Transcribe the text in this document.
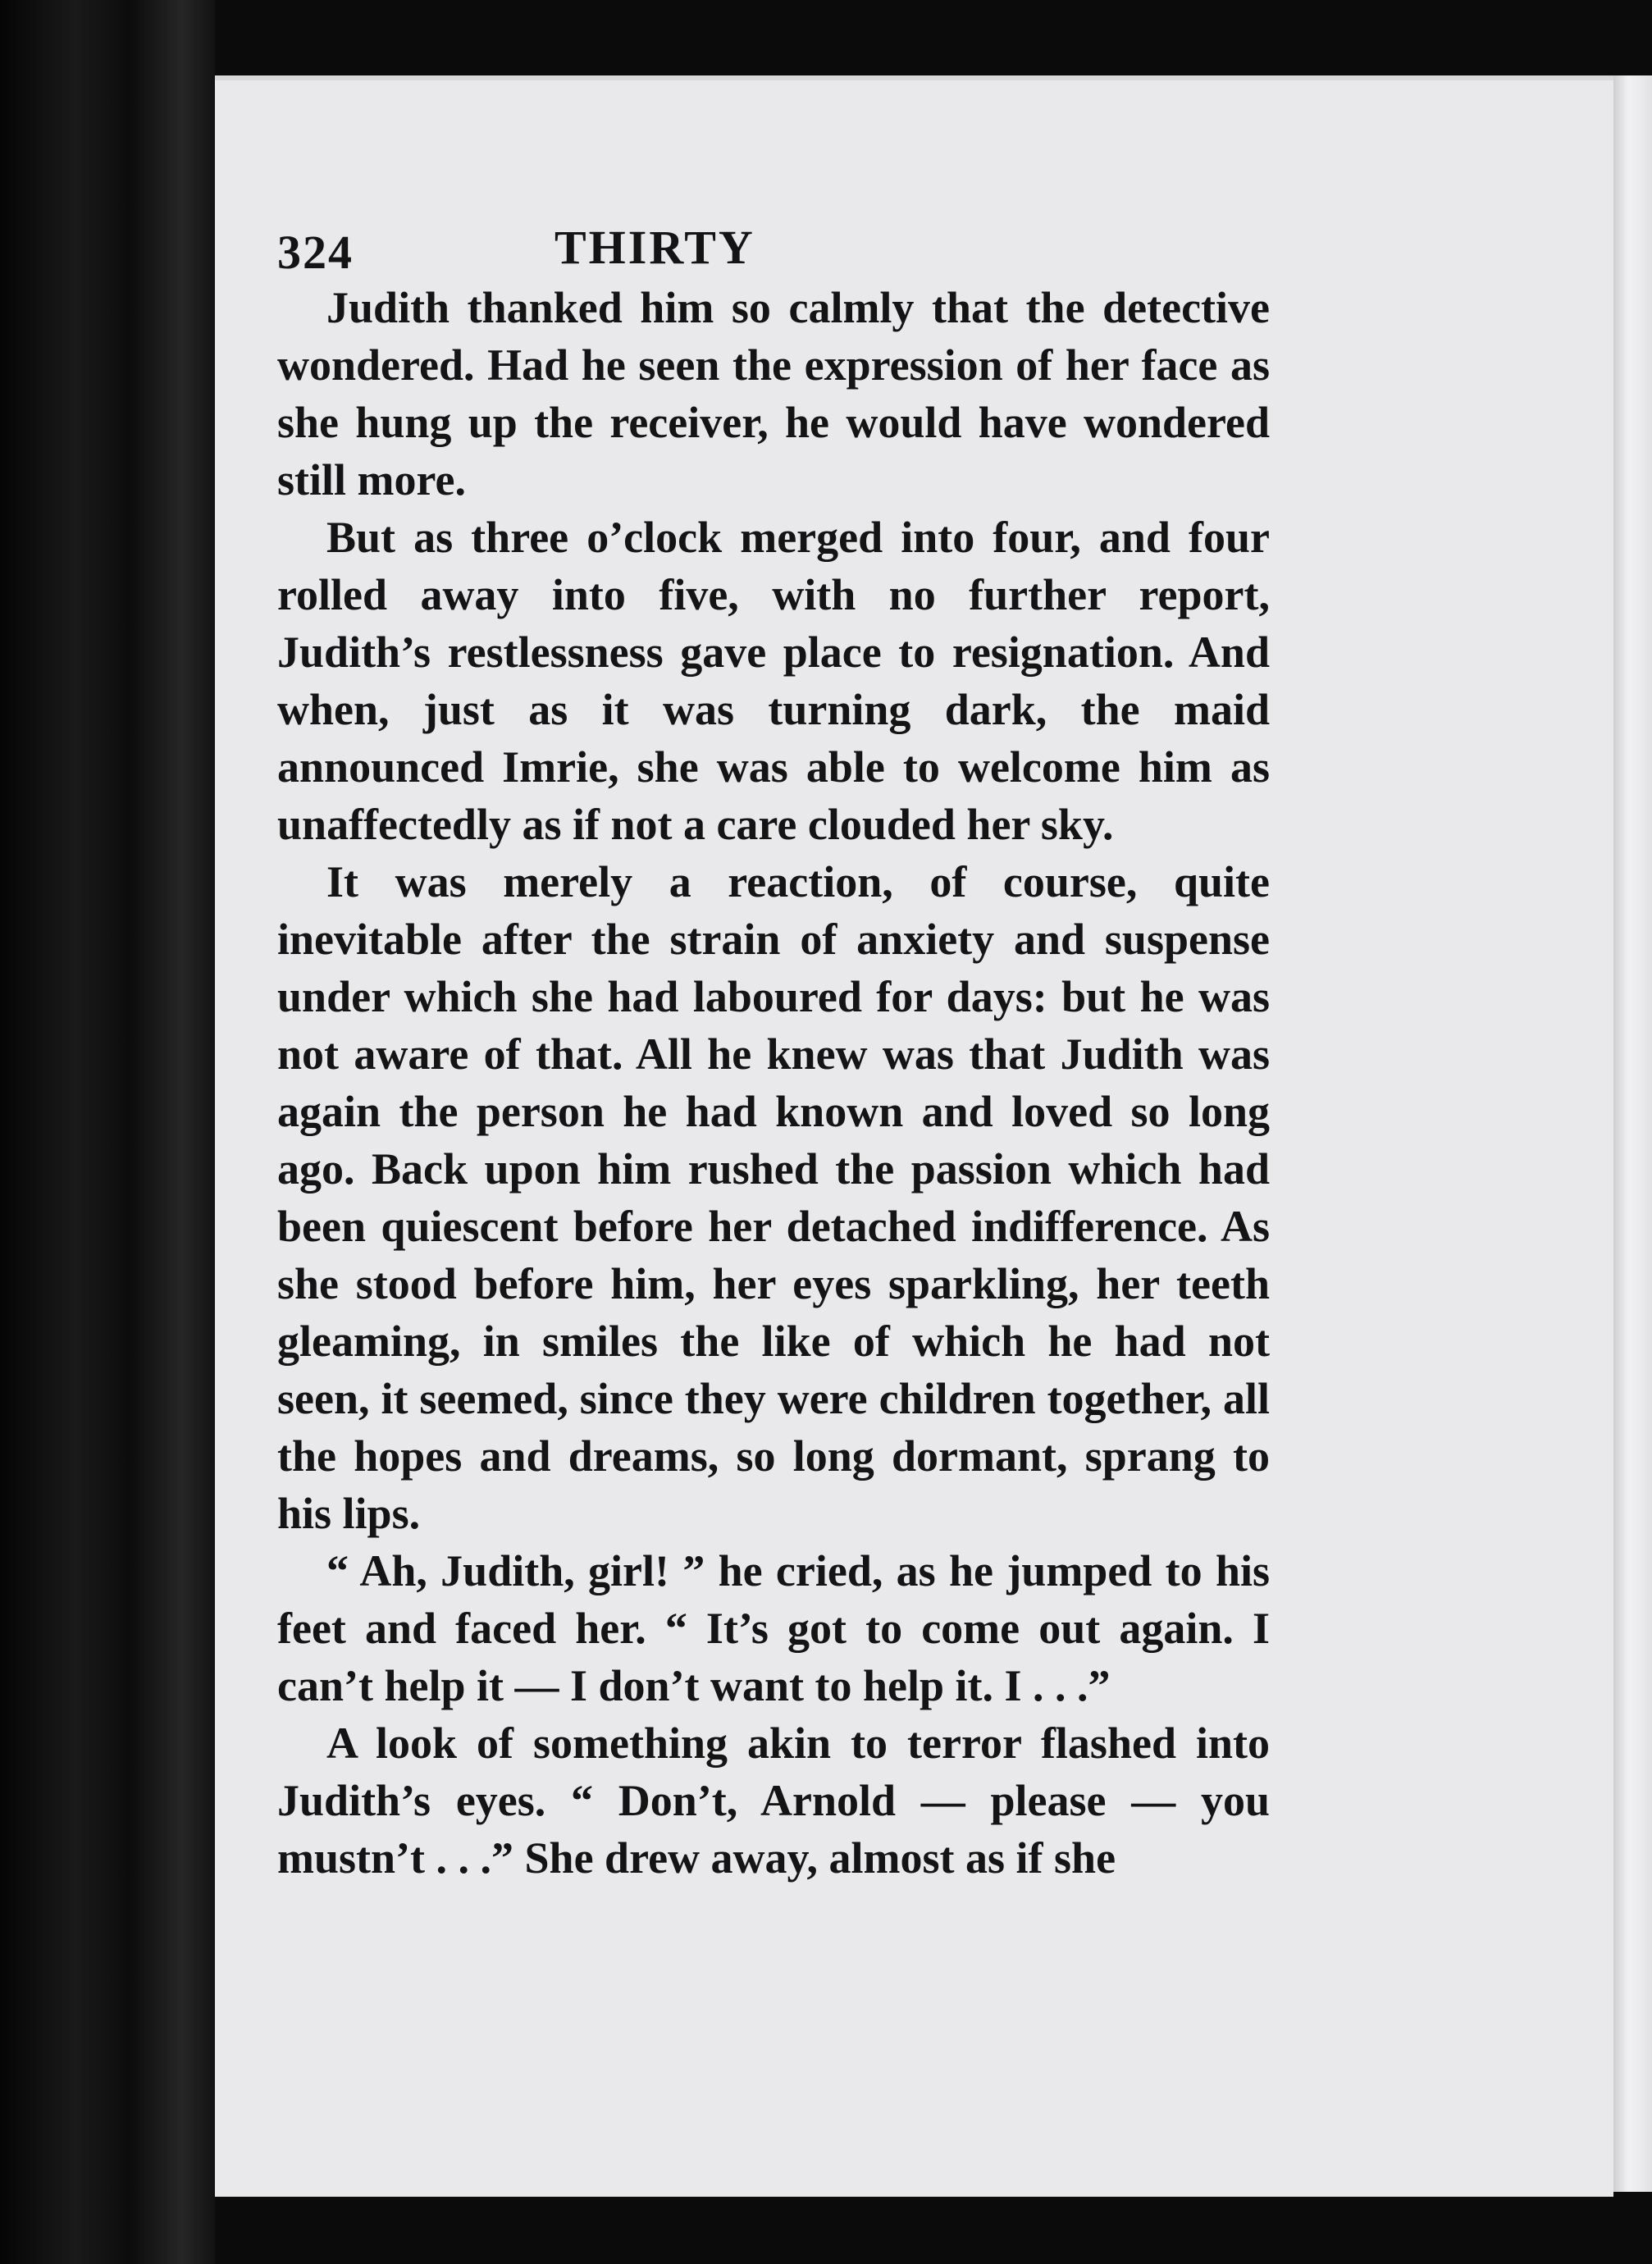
324	THIRTY

Judith thanked him so calmly that the detective wondered. Had he seen the expression of her face as she hung up the receiver, he would have wondered still more.

But as three o’clock merged into four, and four rolled away into five, with no further report, Judith’s restlessness gave place to resignation. And when, just as it was turning dark, the maid announced Imrie, she was able to welcome him as unaffectedly as if not a care clouded her sky.

It was merely a reaction, of course, quite inevitable after the strain of anxiety and suspense under which she had laboured for days: but he was not aware of that. All he knew was that Judith was again the person he had known and loved so long ago. Back upon him rushed the passion which had been quiescent before her detached indifference. As she stood before him, her eyes sparkling, her teeth gleaming, in smiles the like of which he had not seen, it seemed, since they were children together, all the hopes and dreams, so long dormant, sprang to his lips.

“ Ah, Judith, girl! ” he cried, as he jumped to his feet and faced her. “ It’s got to come out again. I can’t help it — I don’t want to help it. I . . .”

A look of something akin to terror flashed into Judith’s eyes. “ Don’t, Arnold — please — you mustn’t . . .” She drew away, almost as if she
